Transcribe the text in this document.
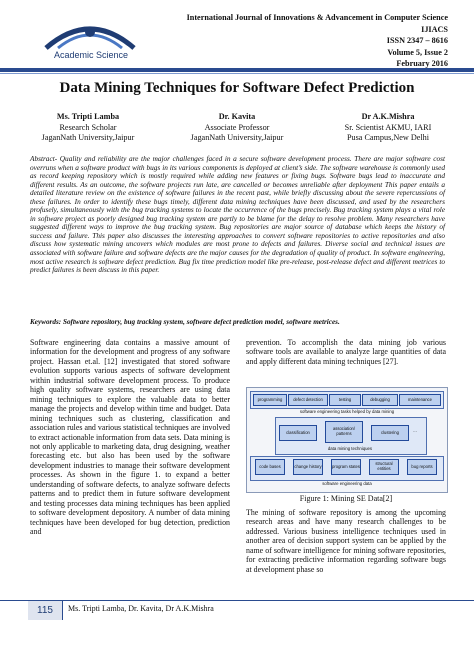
Academic Science
International Journal of Innovations & Advancement in Computer Science
IJIACS
ISSN 2347 – 8616
Volume 5, Issue 2
February 2016
Data Mining Techniques for Software Defect Prediction
Ms. Tripti Lamba
Research Scholar
JaganNath University,Jaipur
Dr. Kavita
Associate Professor
JaganNath University,Jaipur
Dr A.K.Mishra
Sr. Scientist AKMU, IARI
Pusa Campus,New Delhi
Abstract- Quality and reliability are the major challenges faced in a secure software development process. There are major software cost overruns when a software product with bugs in its various components is deployed at client’s side. The software warehouse is commonly used as record keeping repository which is mostly required while adding new features or fixing bugs. Software bugs lead to inaccurate and different results. As an outcome, the software projects run late, are cancelled or becomes unreliable after deployment This paper entails a detailed literature review on the existence of software failures in the recent past, while briefly discussing about the severe repercussions of these failures. In order to identify these bugs timely, different data mining techniques have been discussed, and used by the researchers profusely, simultaneously with the bug tracking systems to locate the occurrence of the bugs precisely. Bug tracking system plays a vital role in software project as poorly designed bug tracking system are partly to be blame for the delay to resolve problem. Many researchers have suggested different ways to improve the bug tracking system. Bug repositories are major source of database which keeps the history of success and failure. This paper also discusses the interesting approaches to convert software repositories to active repositories and also discuss how systematic mining uncovers which modules are most prone to defects and failures. Diverse social and technical issues are associated with software failure and software defects are the major causes for the degradation of quality of product. In software engineering, most active research is software defect prediction. Bug fix time prediction model like pre-release, post-release defect and different metrices to predict failures is been discuss in this paper.
Keywords: Software repository, bug tracking system, software defect prediction model, software metrices.
Software engineering data contains a massive amount of information for the development and progress of any software project. Hassan et.al. [12] investigated that stored software evolution supports various aspects of software development within industrial software development process. To produce high quality software systems, researchers are using data mining techniques to explore the valuable data to better manage the projects and develop within time and budget. Data mining techniques such as clustering, classification and association rules and various statistical techniques are involved to extract actionable information from data sets. Data mining is not only applicable to marketing data, drug designing, weather forecasting etc. but also has been used by the software development industries to manage their software development processes. As shown in the figure 1. to expand a better understanding of software defects, to analyze software defects patterns and to predict them in future software development and testing processes data mining techniques has been applied to software development depository. A number of data mining techniques have been developed for bug detection, prediction and
prevention. To accomplish the data mining job various software tools are available to analyze large quantities of data and apply different data mining techniques [27].
programming	defect detection	testing	debugging	maintenance
software engineering tasks helped by data mining
classification
association/ patterns	clustering	...
data mining techniques
code bases	change history	program states	structural entities	bug reports
software engineering data
Figure 1: Mining SE Data[2]
The mining of software repository is among the upcoming research areas and have many research challenges to be addressed. Various business intelligence techniques used in another area of decision support system can be applied by the name of software intelligence for mining software repositories, for extracting predictive information regarding software bugs at development phase so
115	Ms. Tripti Lamba, Dr. Kavita, Dr A.K.Mishra
